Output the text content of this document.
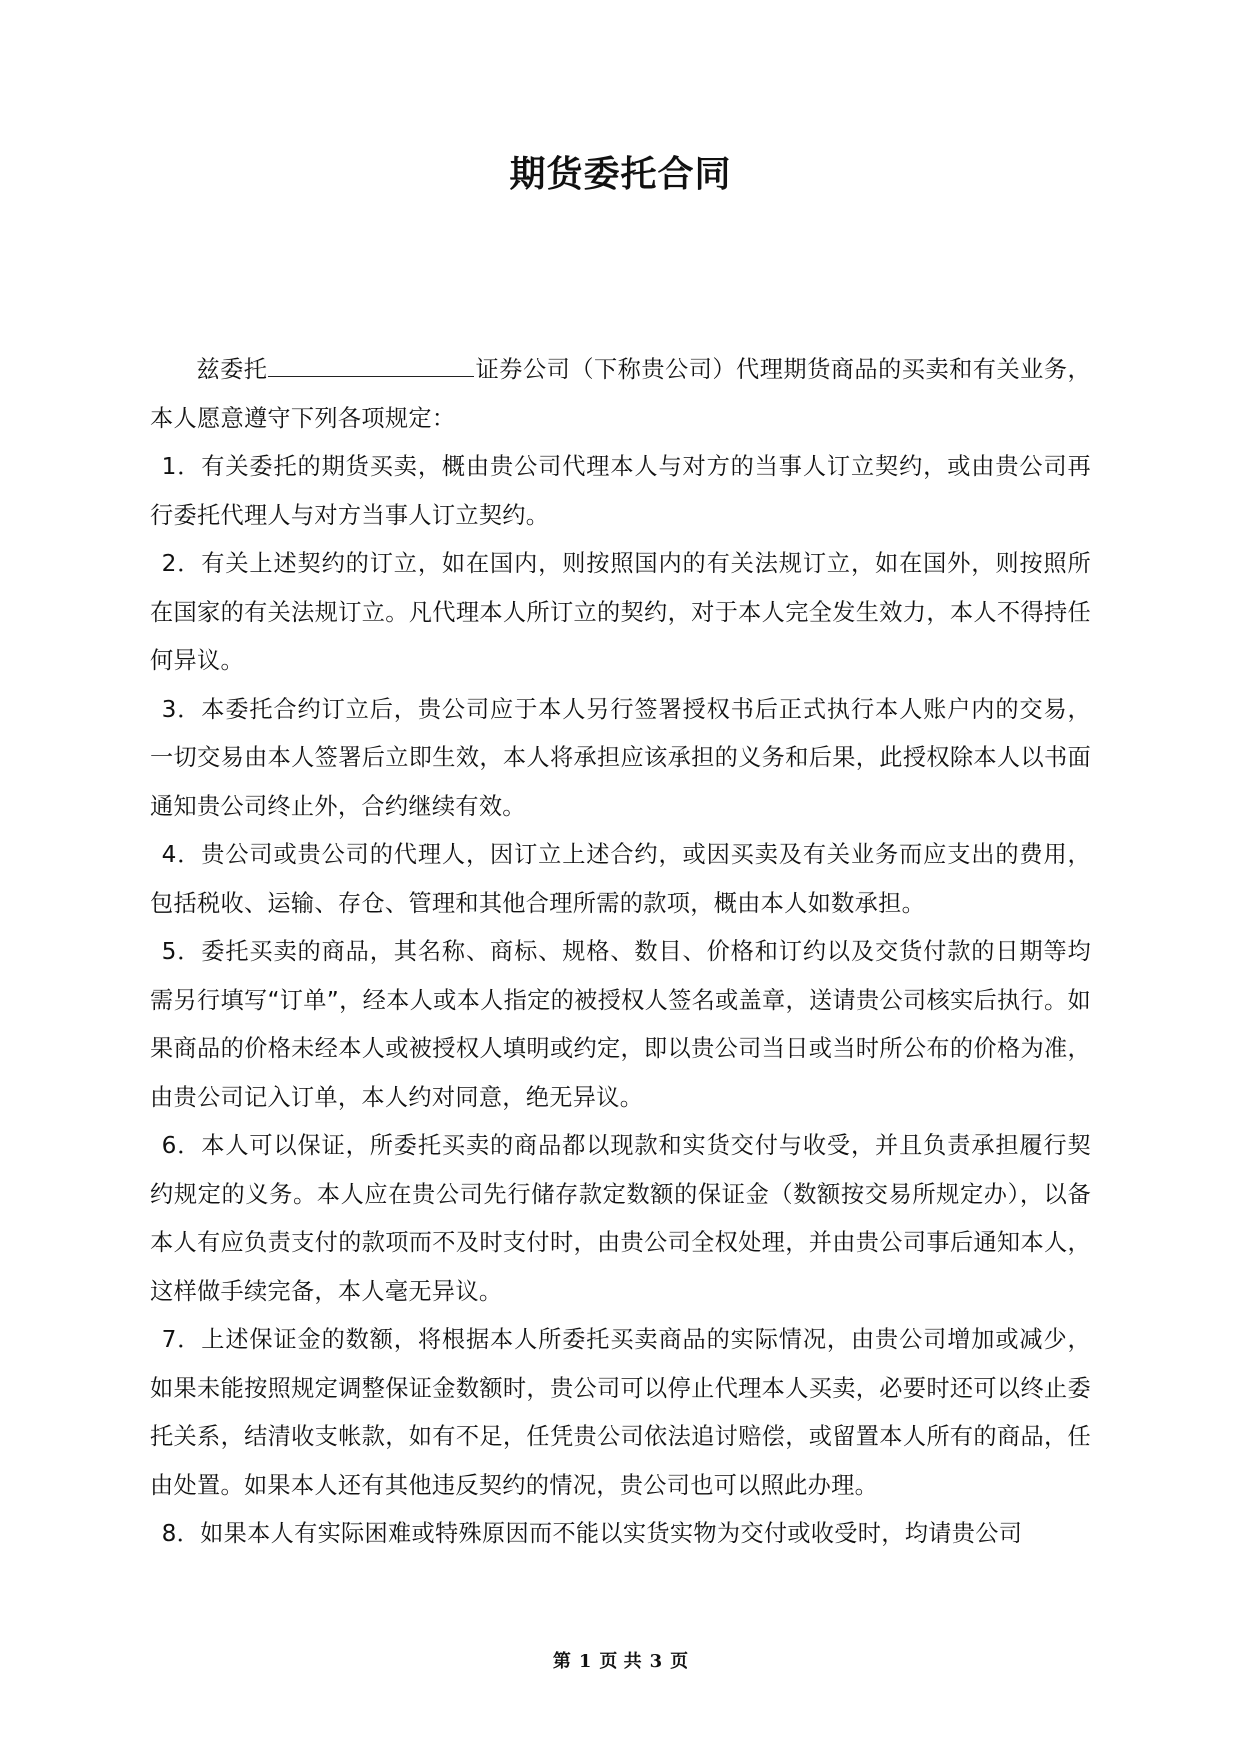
期货委托合同

兹委托	证券公司（下称贵公司）代理期货商品的买卖和有关业务，本人愿意遵守下列各项规定：

1．有关委托的期货买卖，概由贵公司代理本人与对方的当事人订立契约，或由贵公司再行委托代理人与对方当事人订立契约。

2．有关上述契约的订立，如在国内，则按照国内的有关法规订立，如在国外，则按照所在国家的有关法规订立。凡代理本人所订立的契约，对于本人完全发生效力，本人不得持任何异议。

3．本委托合约订立后，贵公司应于本人另行签署授权书后正式执行本人账户内的交易，一切交易由本人签署后立即生效，本人将承担应该承担的义务和后果，此授权除本人以书面通知贵公司终止外，合约继续有效。

4．贵公司或贵公司的代理人，因订立上述合约，或因买卖及有关业务而应支出的费用，包括税收、运输、存仓、管理和其他合理所需的款项，概由本人如数承担。

5．委托买卖的商品，其名称、商标、规格、数目、价格和订约以及交货付款的日期等均需另行填写“订单”，经本人或本人指定的被授权人签名或盖章，送请贵公司核实后执行。如果商品的价格未经本人或被授权人填明或约定，即以贵公司当日或当时所公布的价格为准，由贵公司记入订单，本人约对同意，绝无异议。

6．本人可以保证，所委托买卖的商品都以现款和实货交付与收受，并且负责承担履行契约规定的义务。本人应在贵公司先行储存款定数额的保证金（数额按交易所规定办），以备本人有应负责支付的款项而不及时支付时，由贵公司全权处理，并由贵公司事后通知本人，这样做手续完备，本人毫无异议。

7．上述保证金的数额，将根据本人所委托买卖商品的实际情况，由贵公司增加或减少，如果未能按照规定调整保证金数额时，贵公司可以停止代理本人买卖，必要时还可以终止委托关系，结清收支帐款，如有不足，任凭贵公司依法追讨赔偿，或留置本人所有的商品，任由处置。如果本人还有其他违反契约的情况，贵公司也可以照此办理。

8．如果本人有实际困难或特殊原因而不能以实货实物为交付或收受时，均请贵公司

第 1 页 共 3 页
